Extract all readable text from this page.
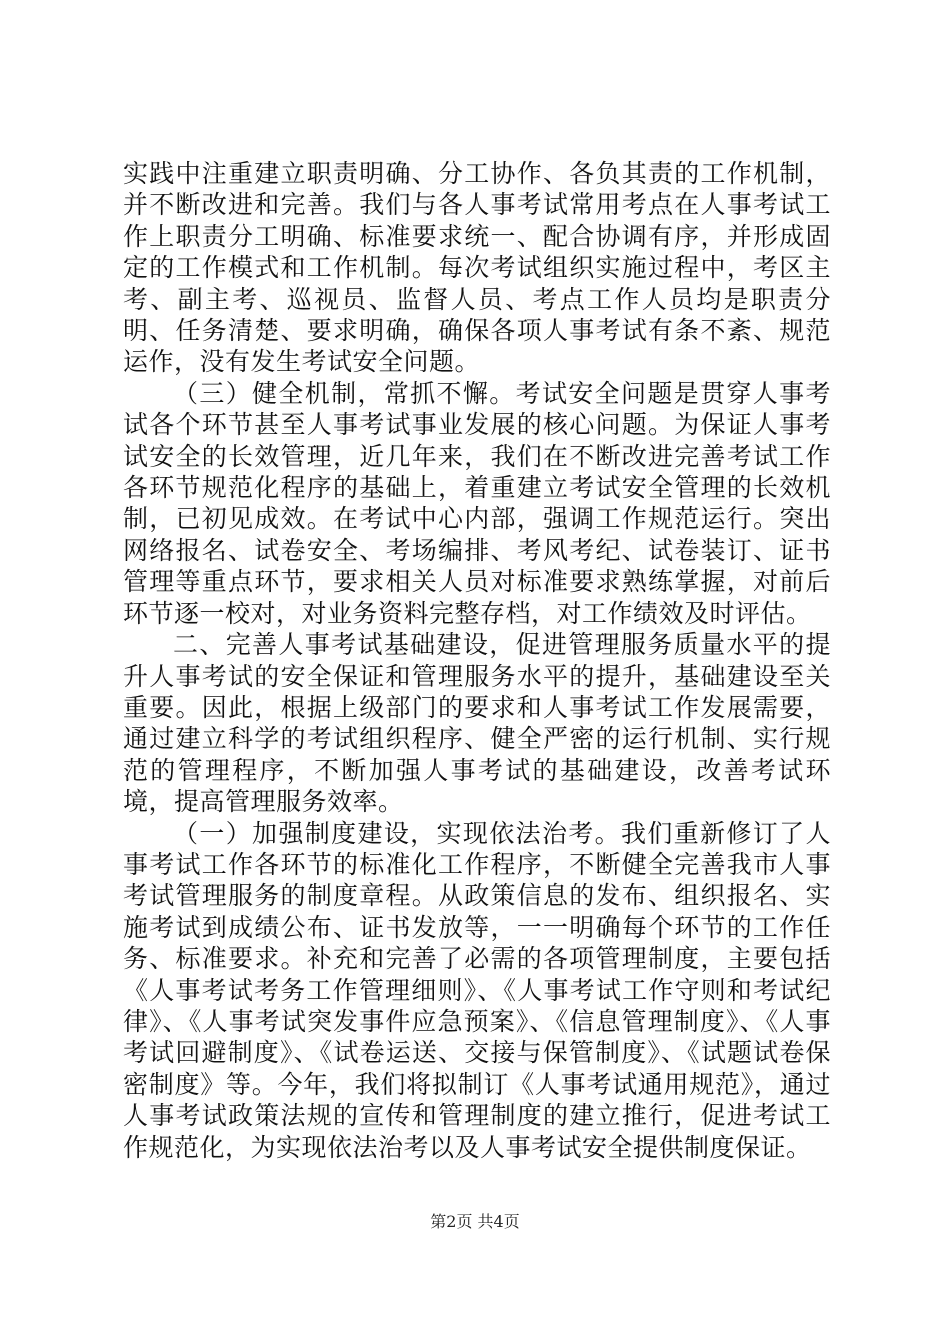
实践中注重建立职责明确、分工协作、各负其责的工作机制，并不断改进和完善。我们与各人事考试常用考点在人事考试工作上职责分工明确、标准要求统一、配合协调有序，并形成固定的工作模式和工作机制。每次考试组织实施过程中，考区主考、副主考、巡视员、监督人员、考点工作人员均是职责分明、任务清楚、要求明确，确保各项人事考试有条不紊、规范运作，没有发生考试安全问题。

（三）健全机制，常抓不懈。考试安全问题是贯穿人事考试各个环节甚至人事考试事业发展的核心问题。为保证人事考试安全的长效管理，近几年来，我们在不断改进完善考试工作各环节规范化程序的基础上，着重建立考试安全管理的长效机制，已初见成效。在考试中心内部，强调工作规范运行。突出网络报名、试卷安全、考场编排、考风考纪、试卷装订、证书管理等重点环节，要求相关人员对标准要求熟练掌握，对前后环节逐一校对，对业务资料完整存档，对工作绩效及时评估。

二、完善人事考试基础建设，促进管理服务质量水平的提升人事考试的安全保证和管理服务水平的提升，基础建设至关重要。因此，根据上级部门的要求和人事考试工作发展需要，通过建立科学的考试组织程序、健全严密的运行机制、实行规范的管理程序，不断加强人事考试的基础建设，改善考试环境，提高管理服务效率。

（一）加强制度建设，实现依法治考。我们重新修订了人事考试工作各环节的标准化工作程序，不断健全完善我市人事考试管理服务的制度章程。从政策信息的发布、组织报名、实施考试到成绩公布、证书发放等，一一明确每个环节的工作任务、标准要求。补充和完善了必需的各项管理制度，主要包括《人事考试考务工作管理细则》、《人事考试工作守则和考试纪律》、《人事考试突发事件应急预案》、《信息管理制度》、《人事考试回避制度》、《试卷运送、交接与保管制度》、《试题试卷保密制度》等。今年，我们将拟制订《人事考试通用规范》，通过人事考试政策法规的宣传和管理制度的建立推行，促进考试工作规范化，为实现依法治考以及人事考试安全提供制度保证。

第2页 共4页
